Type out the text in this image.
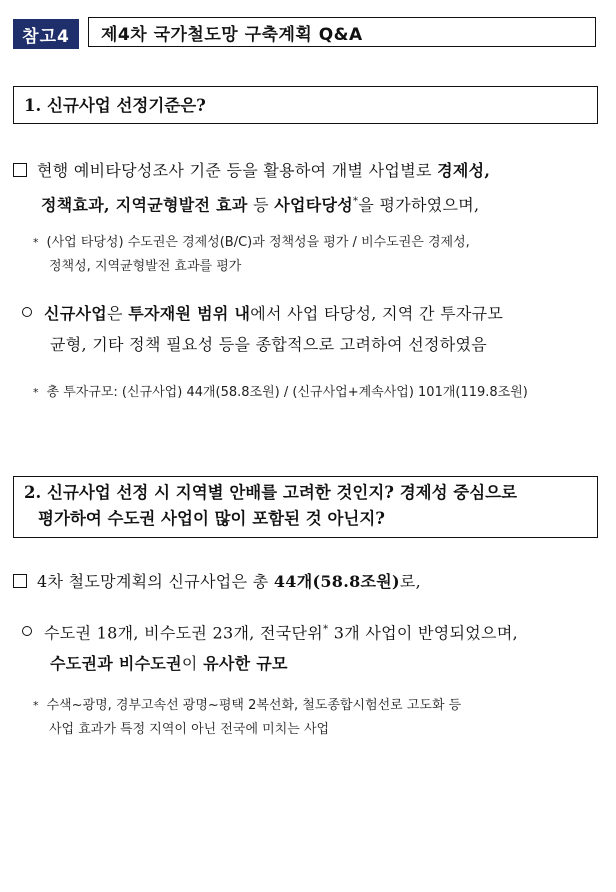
참고4	제4차 국가철도망 구축계획 Q&A
1. 신규사업 선정기준은?
현행 예비타당성조사 기준 등을 활용하여 개별 사업별로 경제성,
정책효과, 지역균형발전 효과 등 사업타당성*을 평가하였으며,
* (사업 타당성) 수도권은 경제성(B/C)과 정책성을 평가 / 비수도권은 경제성,
정책성, 지역균형발전 효과를 평가
신규사업은 투자재원 범위 내에서 사업 타당성, 지역 간 투자규모
균형, 기타 정책 필요성 등을 종합적으로 고려하여 선정하였음
* 총 투자규모: (신규사업) 44개(58.8조원) / (신규사업+계속사업) 101개(119.8조원)
2. 신규사업 선정 시 지역별 안배를 고려한 것인지? 경제성 중심으로
평가하여 수도권 사업이 많이 포함된 것 아닌지?
4차 철도망계획의 신규사업은 총 44개(58.8조원)로,
수도권 18개, 비수도권 23개, 전국단위* 3개 사업이 반영되었으며,
수도권과 비수도권이 유사한 규모
* 수색~광명, 경부고속선 광명~평택 2복선화, 철도종합시험선로 고도화 등
사업 효과가 특정 지역이 아닌 전국에 미치는 사업
